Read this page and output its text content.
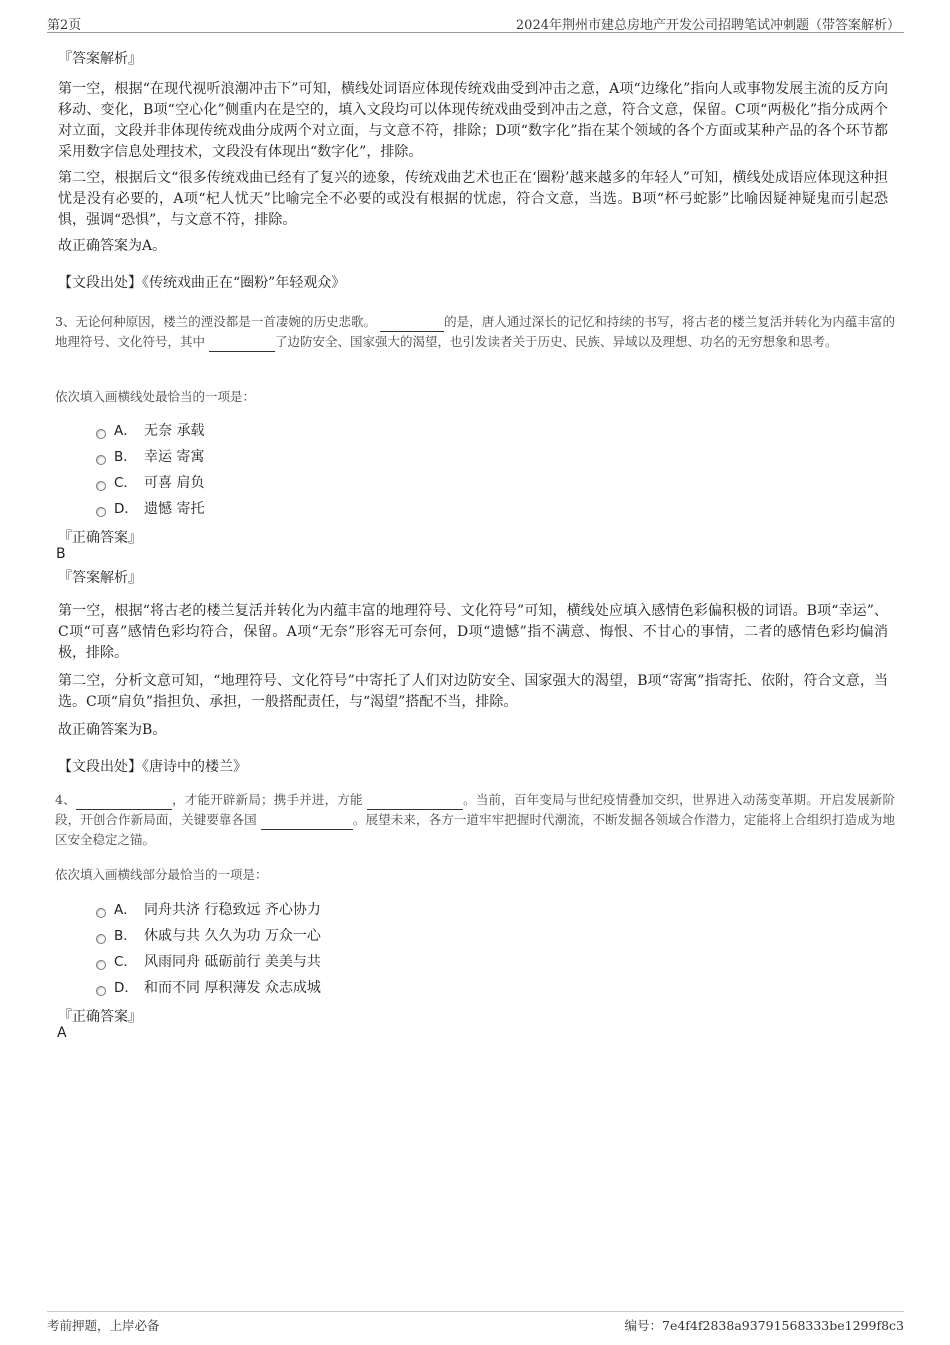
第2页	2024年荆州市建总房地产开发公司招聘笔试冲刺题（带答案解析）
『答案解析』

第一空，根据“在现代视听浪潮冲击下”可知，横线处词语应体现传统戏曲受到冲击之意，A项“边缘化”指向人或事物发展主流的反方向移动、变化，B项“空心化”侧重内在是空的，填入文段均可以体现传统戏曲受到冲击之意，符合文意，保留。C项“两极化”指分成两个对立面，文段并非体现传统戏曲分成两个对立面，与文意不符，排除；D项“数字化”指在某个领域的各个方面或某种产品的各个环节都采用数字信息处理技术，文段没有体现出“数字化”，排除。

第二空，根据后文“很多传统戏曲已经有了复兴的迹象，传统戏曲艺术也正在‘圈粉’越来越多的年轻人”可知，横线处成语应体现这种担忧是没有必要的，A项“杞人忧天”比喻完全不必要的或没有根据的忧虑，符合文意，当选。B项“杯弓蛇影”比喻因疑神疑鬼而引起恐惧，强调“恐惧”，与文意不符，排除。

故正确答案为A。
【文段出处】《传统戏曲正在“圈粉”年轻观众》

3、无论何种原因，楼兰的湮没都是一首凄婉的历史悲歌。	的是，唐人通过深长的记忆和持续的书写，将古老的楼兰复活并转化为内蕴丰富的地理符号、文化符号，其中	了边防安全、国家强大的渴望，也引发读者关于历史、民族、异域以及理想、功名的无穷想象和思考。

依次填入画横线处最恰当的一项是：
A． 无奈 承载
B． 幸运 寄寓
C． 可喜 肩负
D． 遗憾 寄托
『正确答案』
B
『答案解析』

第一空，根据“将古老的楼兰复活并转化为内蕴丰富的地理符号、文化符号”可知，横线处应填入感情色彩偏积极的词语。B项“幸运”、C项“可喜”感情色彩均符合，保留。A项“无奈”形容无可奈何，D项“遗憾”指不满意、悔恨、不甘心的事情，二者的感情色彩均偏消极，排除。

第二空，分析文意可知，“地理符号、文化符号”中寄托了人们对边防安全、国家强大的渴望，B项“寄寓”指寄托、依附，符合文意，当选。C项“肩负”指担负、承担，一般搭配责任，与“渴望”搭配不当，排除。

故正确答案为B。
【文段出处】《唐诗中的楼兰》

4、	，才能开辟新局；携手并进，方能	。当前，百年变局与世纪疫情叠加交织，世界进入动荡变革期。开启发展新阶段，开创合作新局面，关键要靠各国	。展望未来，各方一道牢牢把握时代潮流，不断发掘各领域合作潜力，定能将上合组织打造成为地区安全稳定之锚。

依次填入画横线部分最恰当的一项是：
A． 同舟共济 行稳致远 齐心协力
B． 休戚与共 久久为功 万众一心
C． 风雨同舟 砥砺前行 美美与共
D． 和而不同 厚积薄发 众志成城
『正确答案』
A
考前押题，上岸必备	编号：7e4f4f2838a93791568333be1299f8c3
